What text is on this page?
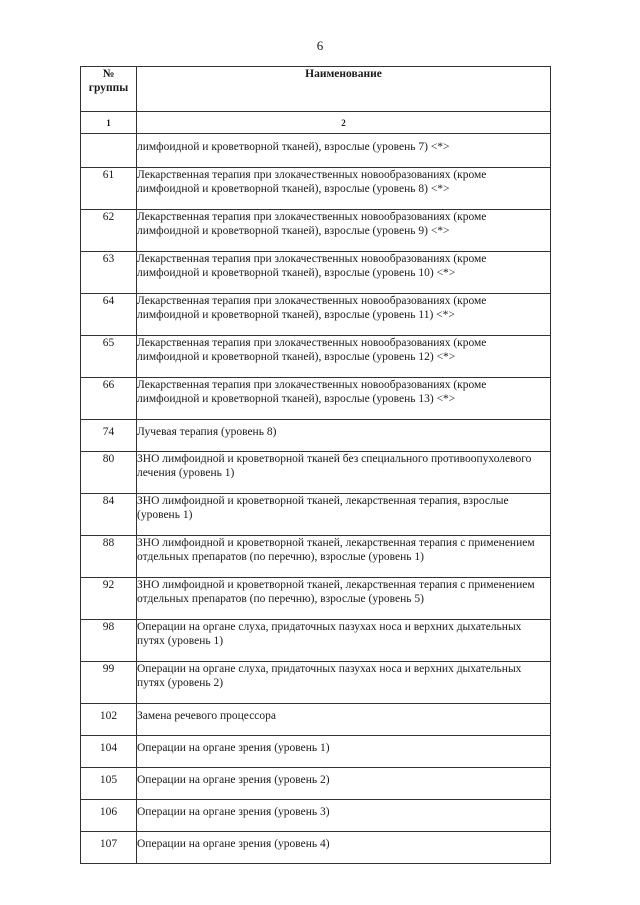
6
№
группы	Наименование
1	2
	лимфоидной и кроветворной тканей), взрослые (уровень 7) <*>
61	Лекарственная терапия при злокачественных новообразованиях (кроме лимфоидной и кроветворной тканей), взрослые (уровень 8) <*>
62	Лекарственная терапия при злокачественных новообразованиях (кроме лимфоидной и кроветворной тканей), взрослые (уровень 9) <*>
63	Лекарственная терапия при злокачественных новообразованиях (кроме лимфоидной и кроветворной тканей), взрослые (уровень 10) <*>
64	Лекарственная терапия при злокачественных новообразованиях (кроме лимфоидной и кроветворной тканей), взрослые (уровень 11) <*>
65	Лекарственная терапия при злокачественных новообразованиях (кроме лимфоидной и кроветворной тканей), взрослые (уровень 12) <*>
66	Лекарственная терапия при злокачественных новообразованиях (кроме лимфоидной и кроветворной тканей), взрослые (уровень 13) <*>
74	Лучевая терапия (уровень 8)
80	ЗНО лимфоидной и кроветворной тканей без специального противоопухолевого лечения (уровень 1)
84	ЗНО лимфоидной и кроветворной тканей, лекарственная терапия, взрослые (уровень 1)
88	ЗНО лимфоидной и кроветворной тканей, лекарственная терапия с применением отдельных препаратов (по перечню), взрослые (уровень 1)
92	ЗНО лимфоидной и кроветворной тканей, лекарственная терапия с применением отдельных препаратов (по перечню), взрослые (уровень 5)
98	Операции на органе слуха, придаточных пазухах носа и верхних дыхательных путях (уровень 1)
99	Операции на органе слуха, придаточных пазухах носа и верхних дыхательных путях (уровень 2)
102	Замена речевого процессора
104	Операции на органе зрения (уровень 1)
105	Операции на органе зрения (уровень 2)
106	Операции на органе зрения (уровень 3)
107	Операции на органе зрения (уровень 4)
